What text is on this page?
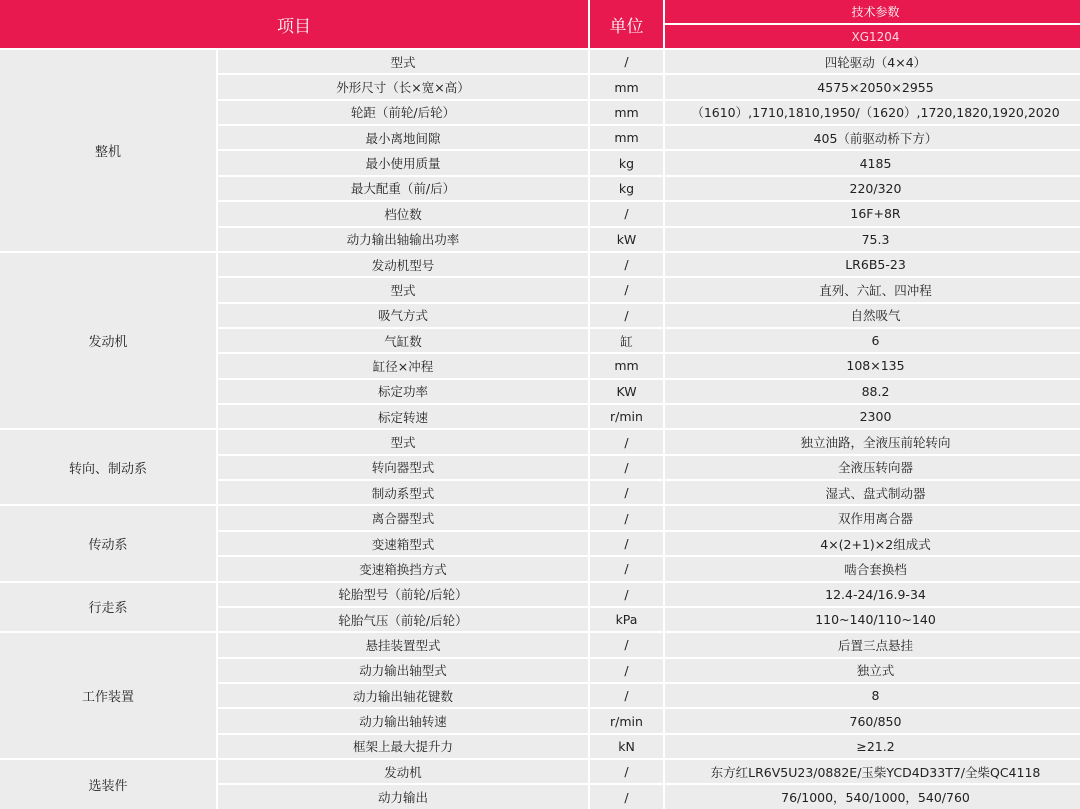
项目	单位
技术参数
XG1204
整机
型式	/	四轮驱动（4×4）
外形尺寸（长×宽×高）	mm	4575×2050×2955
轮距（前轮/后轮）	mm	（1610）,1710,1810,1950/（1620）,1720,1820,1920,2020
最小离地间隙	mm	405（前驱动桥下方）
最小使用质量	kg	4185
最大配重（前/后）	kg	220/320
档位数	/	16F+8R
动力输出轴输出功率	kW	75.3
发动机
发动机型号	/	LR6B5-23
型式	/	直列、六缸、四冲程
吸气方式	/	自然吸气
气缸数	缸	6
缸径×冲程	mm	108×135
标定功率	KW	88.2
标定转速	r/min	2300
转向、制动系
型式	/	独立油路，全液压前轮转向
转向器型式	/	全液压转向器
制动系型式	/	湿式、盘式制动器
传动系
离合器型式	/	双作用离合器
变速箱型式	/	4×(2+1)×2组成式
变速箱换挡方式	/	啮合套换档
行走系
轮胎型号（前轮/后轮）	/	12.4-24/16.9-34
轮胎气压（前轮/后轮）	kPa	110~140/110~140
工作装置
悬挂装置型式	/	后置三点悬挂
动力输出轴型式	/	独立式
动力输出轴花键数	/	8
动力输出轴转速	r/min	760/850
框架上最大提升力	kN	≥21.2
选装件
发动机	/	东方红LR6V5U23/0882E/玉柴YCD4D33T7/全柴QC4118
动力输出	/	76/1000，540/1000，540/760
